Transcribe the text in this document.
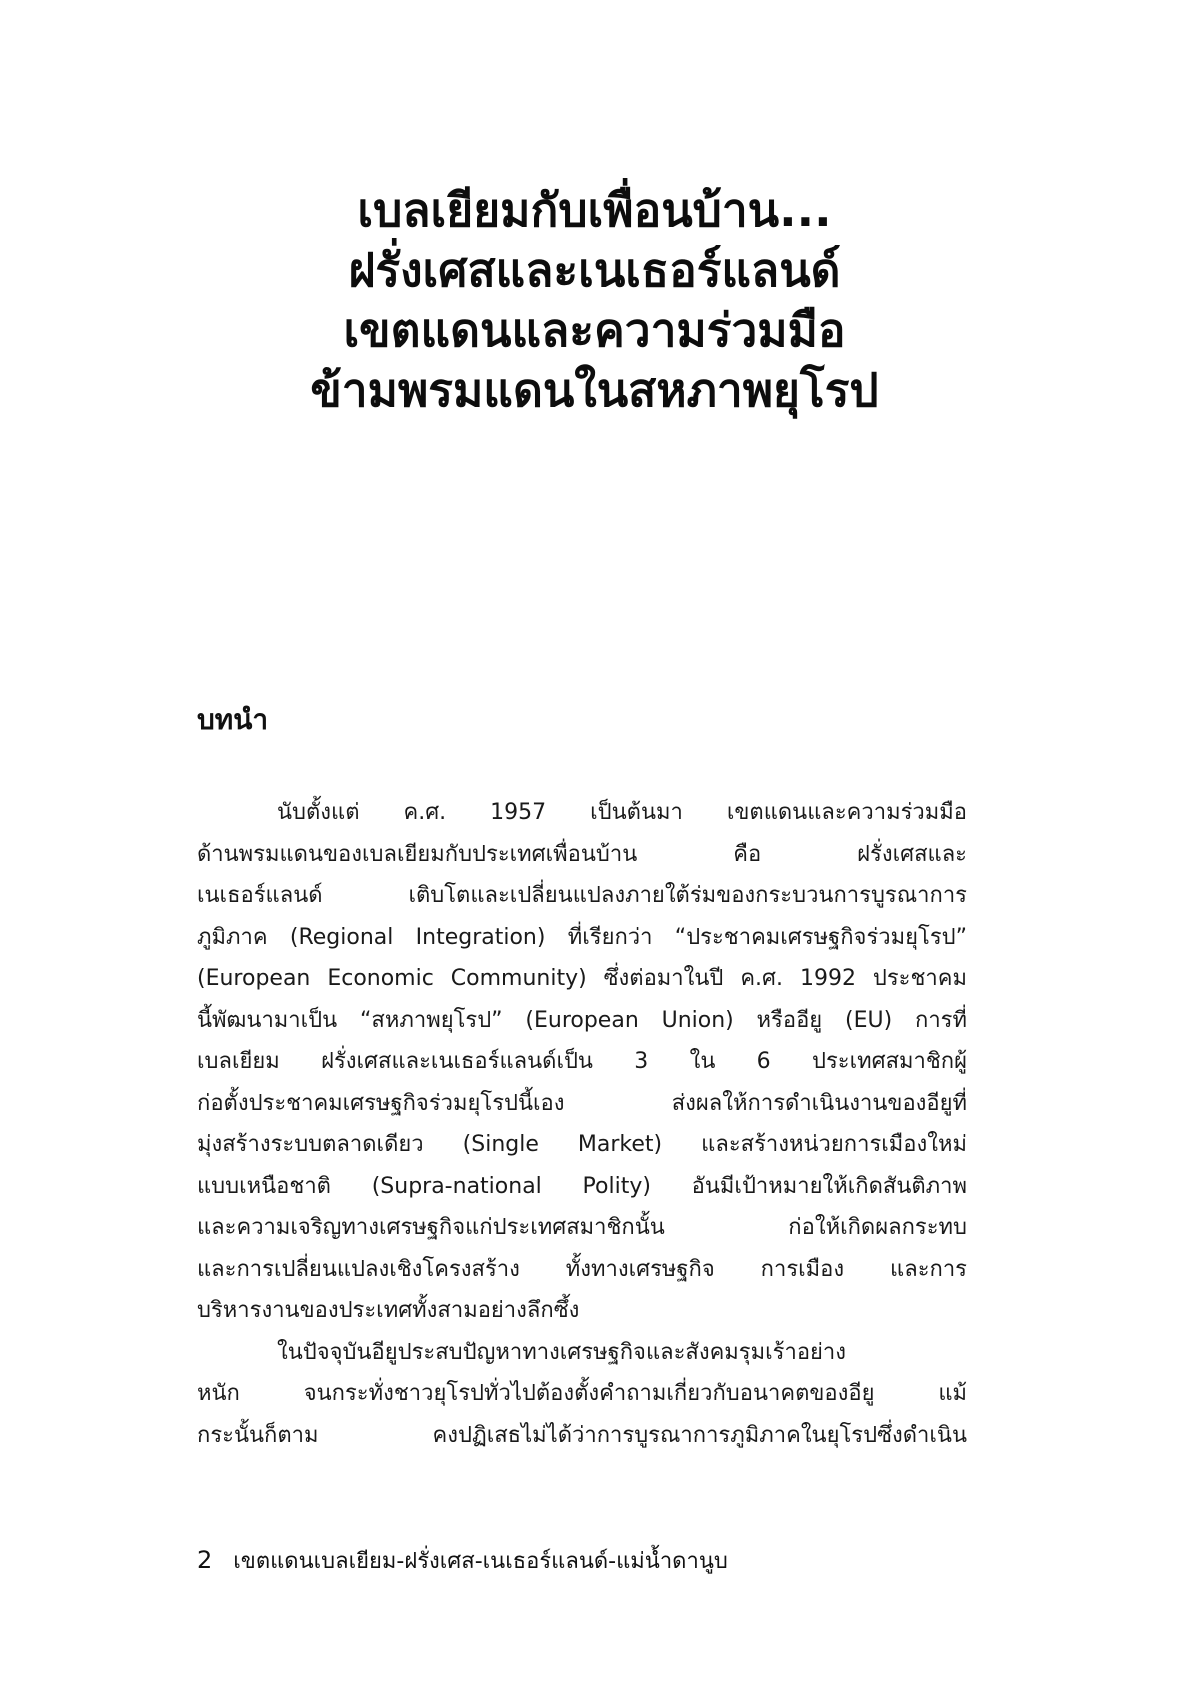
เบลเยียมกับเพื่อนบ้าน...
ฝรั่งเศสและเนเธอร์แลนด์
เขตแดนและความร่วมมือ
ข้ามพรมแดนในสหภาพยุโรป
บทนำ
นับตั้งแต่ ค.ศ. 1957 เป็นต้นมา เขตแดนและความร่วมมือ
ด้านพรมแดนของเบลเยียมกับประเทศเพื่อนบ้าน คือ ฝรั่งเศสและ
เนเธอร์แลนด์ เติบโตและเปลี่ยนแปลงภายใต้ร่มของกระบวนการบูรณาการ
ภูมิภาค (Regional Integration) ที่เรียกว่า “ประชาคมเศรษฐกิจร่วมยุโรป”
(European Economic Community) ซึ่งต่อมาในปี ค.ศ. 1992 ประชาคม
นี้พัฒนามาเป็น “สหภาพยุโรป” (European Union) หรืออียู (EU) การที่
เบลเยียม ฝรั่งเศสและเนเธอร์แลนด์เป็น 3 ใน 6 ประเทศสมาชิกผู้
ก่อตั้งประชาคมเศรษฐกิจร่วมยุโรปนี้เอง ส่งผลให้การดำเนินงานของอียูที่
มุ่งสร้างระบบตลาดเดียว (Single Market) และสร้างหน่วยการเมืองใหม่
แบบเหนือชาติ (Supra-national Polity) อันมีเป้าหมายให้เกิดสันติภาพ
และความเจริญทางเศรษฐกิจแก่ประเทศสมาชิกนั้น ก่อให้เกิดผลกระทบ
และการเปลี่ยนแปลงเชิงโครงสร้าง ทั้งทางเศรษฐกิจ การเมือง และการ
บริหารงานของประเทศทั้งสามอย่างลึกซึ้ง
ในปัจจุบันอียูประสบปัญหาทางเศรษฐกิจและสังคมรุมเร้าอย่าง
หนัก จนกระทั่งชาวยุโรปทั่วไปต้องตั้งคำถามเกี่ยวกับอนาคตของอียู แม้
กระนั้นก็ตาม คงปฏิเสธไม่ได้ว่าการบูรณาการภูมิภาคในยุโรปซึ่งดำเนิน
2 เขตแดนเบลเยียม-ฝรั่งเศส-เนเธอร์แลนด์-แม่น้ำดานูบ
